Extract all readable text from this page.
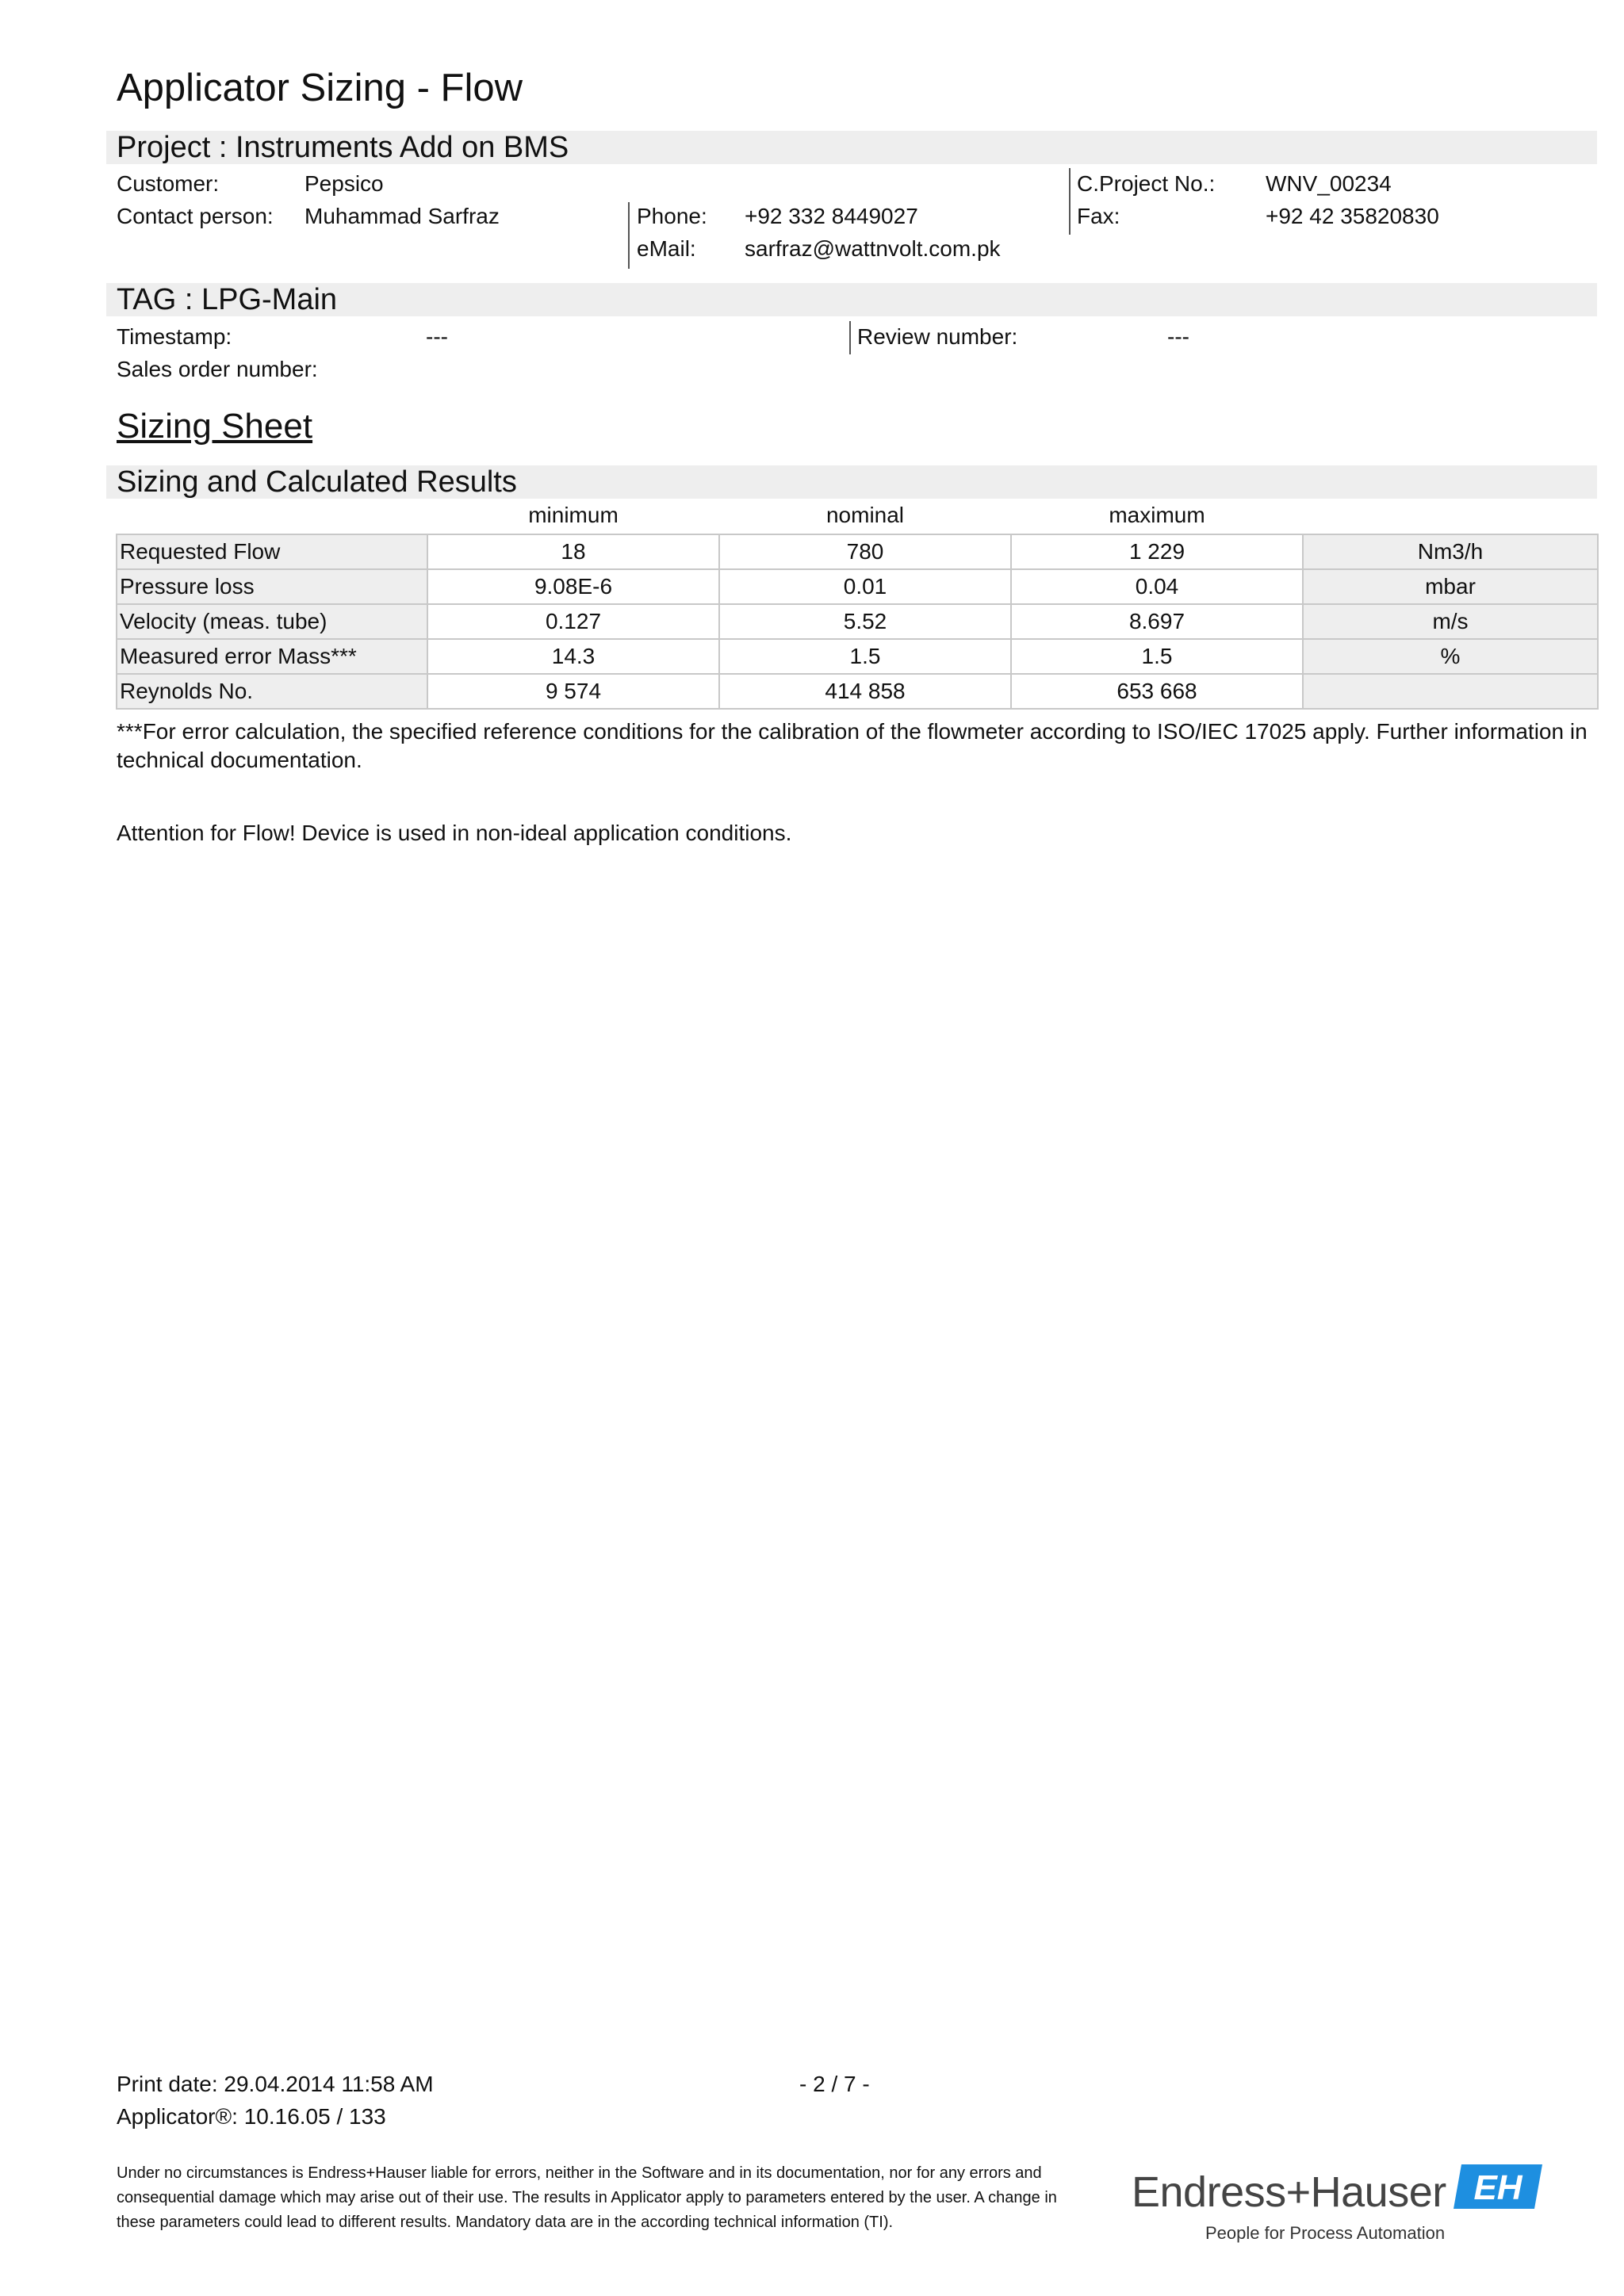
Applicator Sizing - Flow
Project : Instruments Add on BMS
Customer:	Pepsico
Contact person: Muhammad Sarfraz	Phone: +92 332 8449027
eMail: sarfraz@wattnvolt.com.pk
C.Project No.: WNV_00234
Fax:	+92 42 35820830
TAG : LPG-Main
Timestamp:	---
Sales order number:
Review number:	---
Sizing Sheet
Sizing and Calculated Results
minimum	nominal	maximum
Requested Flow	18	780	1 229	Nm3/h
Pressure loss	9.08E-6	0.01	0.04	mbar
Velocity (meas. tube)	0.127	5.52	8.697	m/s
Measured error Mass***	14.3	1.5	1.5	%
Reynolds No.	9 574	414 858	653 668	
***For error calculation, the specified reference conditions for the calibration of the flowmeter according to ISO/IEC 17025 apply. Further information in technical documentation.
Attention for Flow! Device is used in non-ideal application conditions.
Print date: 29.04.2014 11:58 AM	- 2 / 7 -
Applicator®: 10.16.05 / 133
Under no circumstances is Endress+Hauser liable for errors, neither in the Software and in its documentation, nor for any errors and consequential damage which may arise out of their use. The results in Applicator apply to parameters entered by the user. A change in these parameters could lead to different results. Mandatory data are in the according technical information (TI).
Endress+Hauser
People for Process Automation
EH
